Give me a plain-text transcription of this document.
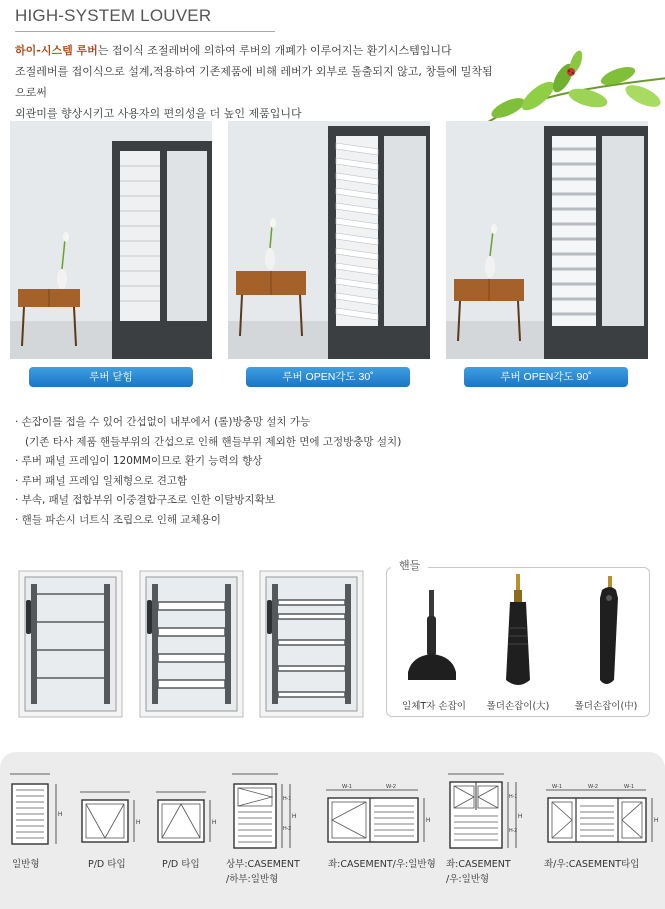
HIGH-SYSTEM LOUVER
하이-시스템 루버는 접이식 조절레버에 의하여 루버의 개폐가 이루어지는 환기시스템입니다
조절레버를 접이식으로 설계,적용하여 기존제품에 비해 레버가 외부로 돌출되지 않고, 창틀에 밀착됨으로써
외관미를 향상시키고 사용자의 편의성을 더 높인 제품입니다
루버 닫힘	루버 OPEN각도 30˚	루버 OPEN각도 90˚
· 손잡이를 접을 수 있어 간섭없이 내부에서 (롤)방충망 설치 가능
(기존 타사 제품 핸들부위의 간섭으로 인해 핸들부위 제외한 면에 고정방충망 설치)
· 루버 패널 프레임이 120MM이므로 환기 능력의 향상
· 루버 패널 프레임 일체형으로 견고함
· 부속, 패널 접합부위 이중결합구조로 인한 이탈방지확보
· 핸들 파손시 너트식 조립으로 인해 교체용이
핸들
일체T자 손잡이	폴더손잡이(大)	폴더손잡이(中)
H
H	H
H-1
H-2
H
W-1	W-2
H
H-1
H-2
H
W-1	W-2	W-1
H
일반형	P/D 타입	P/D 타입	상부:CASEMENT
/하부:일반형
좌:CASEMENT/우:일반형 좌:CASEMENT
/우:일반형
좌/우:CASEMENT타입
